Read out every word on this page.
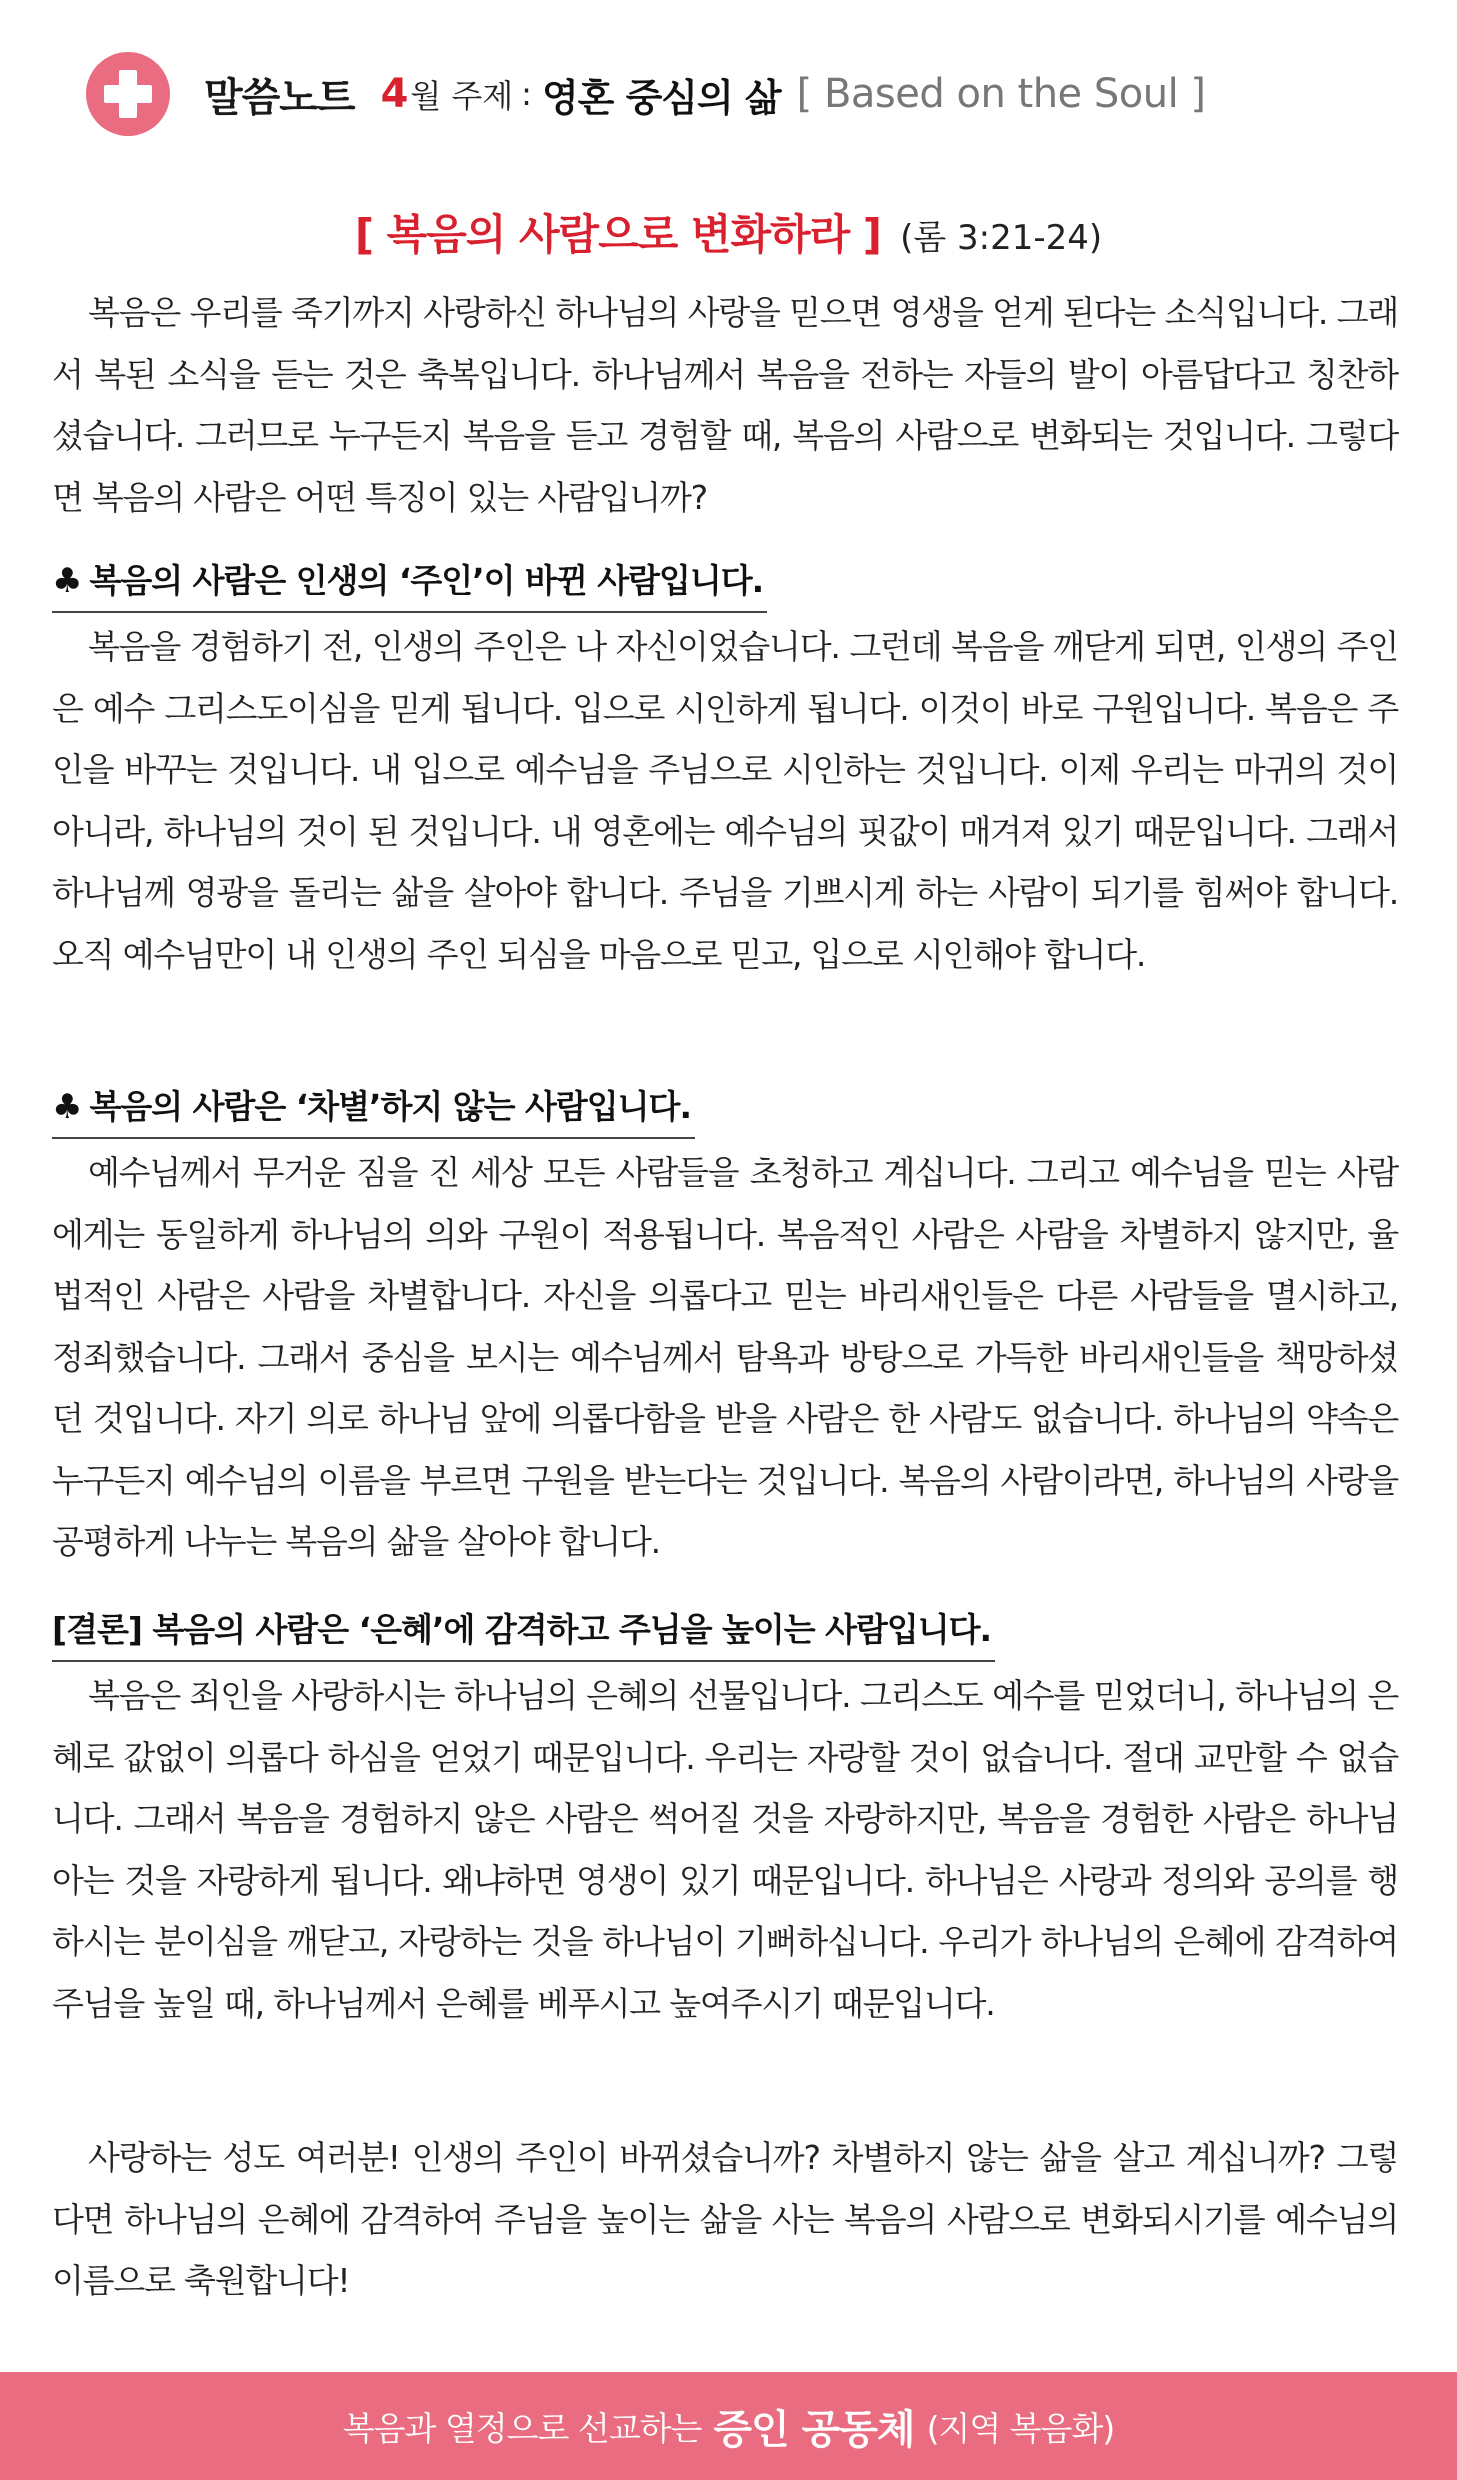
말씀노트 4 월 주제 : 영혼 중심의 삶 [ Based on the Soul ]
[ 복음의 사람으로 변화하라 ] (롬 3:21-24)

복음은 우리를 죽기까지 사랑하신 하나님의 사랑을 믿으면 영생을 얻게 된다는 소식입니다. 그래서 복된 소식을 듣는 것은 축복입니다. 하나님께서 복음을 전하는 자들의 발이 아름답다고 칭찬하셨습니다. 그러므로 누구든지 복음을 듣고 경험할 때, 복음의 사람으로 변화되는 것입니다. 그렇다면 복음의 사람은 어떤 특징이 있는 사람입니까?

♣ 복음의 사람은 인생의 ‘주인’이 바뀐 사람입니다.

복음을 경험하기 전, 인생의 주인은 나 자신이었습니다. 그런데 복음을 깨닫게 되면, 인생의 주인은 예수 그리스도이심을 믿게 됩니다. 입으로 시인하게 됩니다. 이것이 바로 구원입니다. 복음은 주인을 바꾸는 것입니다. 내 입으로 예수님을 주님으로 시인하는 것입니다. 이제 우리는 마귀의 것이 아니라, 하나님의 것이 된 것입니다. 내 영혼에는 예수님의 핏값이 매겨져 있기 때문입니다. 그래서 하나님께 영광을 돌리는 삶을 살아야 합니다. 주님을 기쁘시게 하는 사람이 되기를 힘써야 합니다. 오직 예수님만이 내 인생의 주인 되심을 마음으로 믿고, 입으로 시인해야 합니다.

♣ 복음의 사람은 ‘차별’하지 않는 사람입니다.

예수님께서 무거운 짐을 진 세상 모든 사람들을 초청하고 계십니다. 그리고 예수님을 믿는 사람에게는 동일하게 하나님의 의와 구원이 적용됩니다. 복음적인 사람은 사람을 차별하지 않지만, 율법적인 사람은 사람을 차별합니다. 자신을 의롭다고 믿는 바리새인들은 다른 사람들을 멸시하고, 정죄했습니다. 그래서 중심을 보시는 예수님께서 탐욕과 방탕으로 가득한 바리새인들을 책망하셨던 것입니다. 자기 의로 하나님 앞에 의롭다함을 받을 사람은 한 사람도 없습니다. 하나님의 약속은 누구든지 예수님의 이름을 부르면 구원을 받는다는 것입니다. 복음의 사람이라면, 하나님의 사랑을 공평하게 나누는 복음의 삶을 살아야 합니다.

[결론] 복음의 사람은 ‘은혜’에 감격하고 주님을 높이는 사람입니다.

복음은 죄인을 사랑하시는 하나님의 은혜의 선물입니다. 그리스도 예수를 믿었더니, 하나님의 은혜로 값없이 의롭다 하심을 얻었기 때문입니다. 우리는 자랑할 것이 없습니다. 절대 교만할 수 없습니다. 그래서 복음을 경험하지 않은 사람은 썩어질 것을 자랑하지만, 복음을 경험한 사람은 하나님 아는 것을 자랑하게 됩니다. 왜냐하면 영생이 있기 때문입니다. 하나님은 사랑과 정의와 공의를 행하시는 분이심을 깨닫고, 자랑하는 것을 하나님이 기뻐하십니다. 우리가 하나님의 은혜에 감격하여 주님을 높일 때, 하나님께서 은혜를 베푸시고 높여주시기 때문입니다.

사랑하는 성도 여러분! 인생의 주인이 바뀌셨습니까? 차별하지 않는 삶을 살고 계십니까? 그렇다면 하나님의 은혜에 감격하여 주님을 높이는 삶을 사는 복음의 사람으로 변화되시기를 예수님의 이름으로 축원합니다!

복음과 열정으로 선교하는 증인 공동체 (지역 복음화)
